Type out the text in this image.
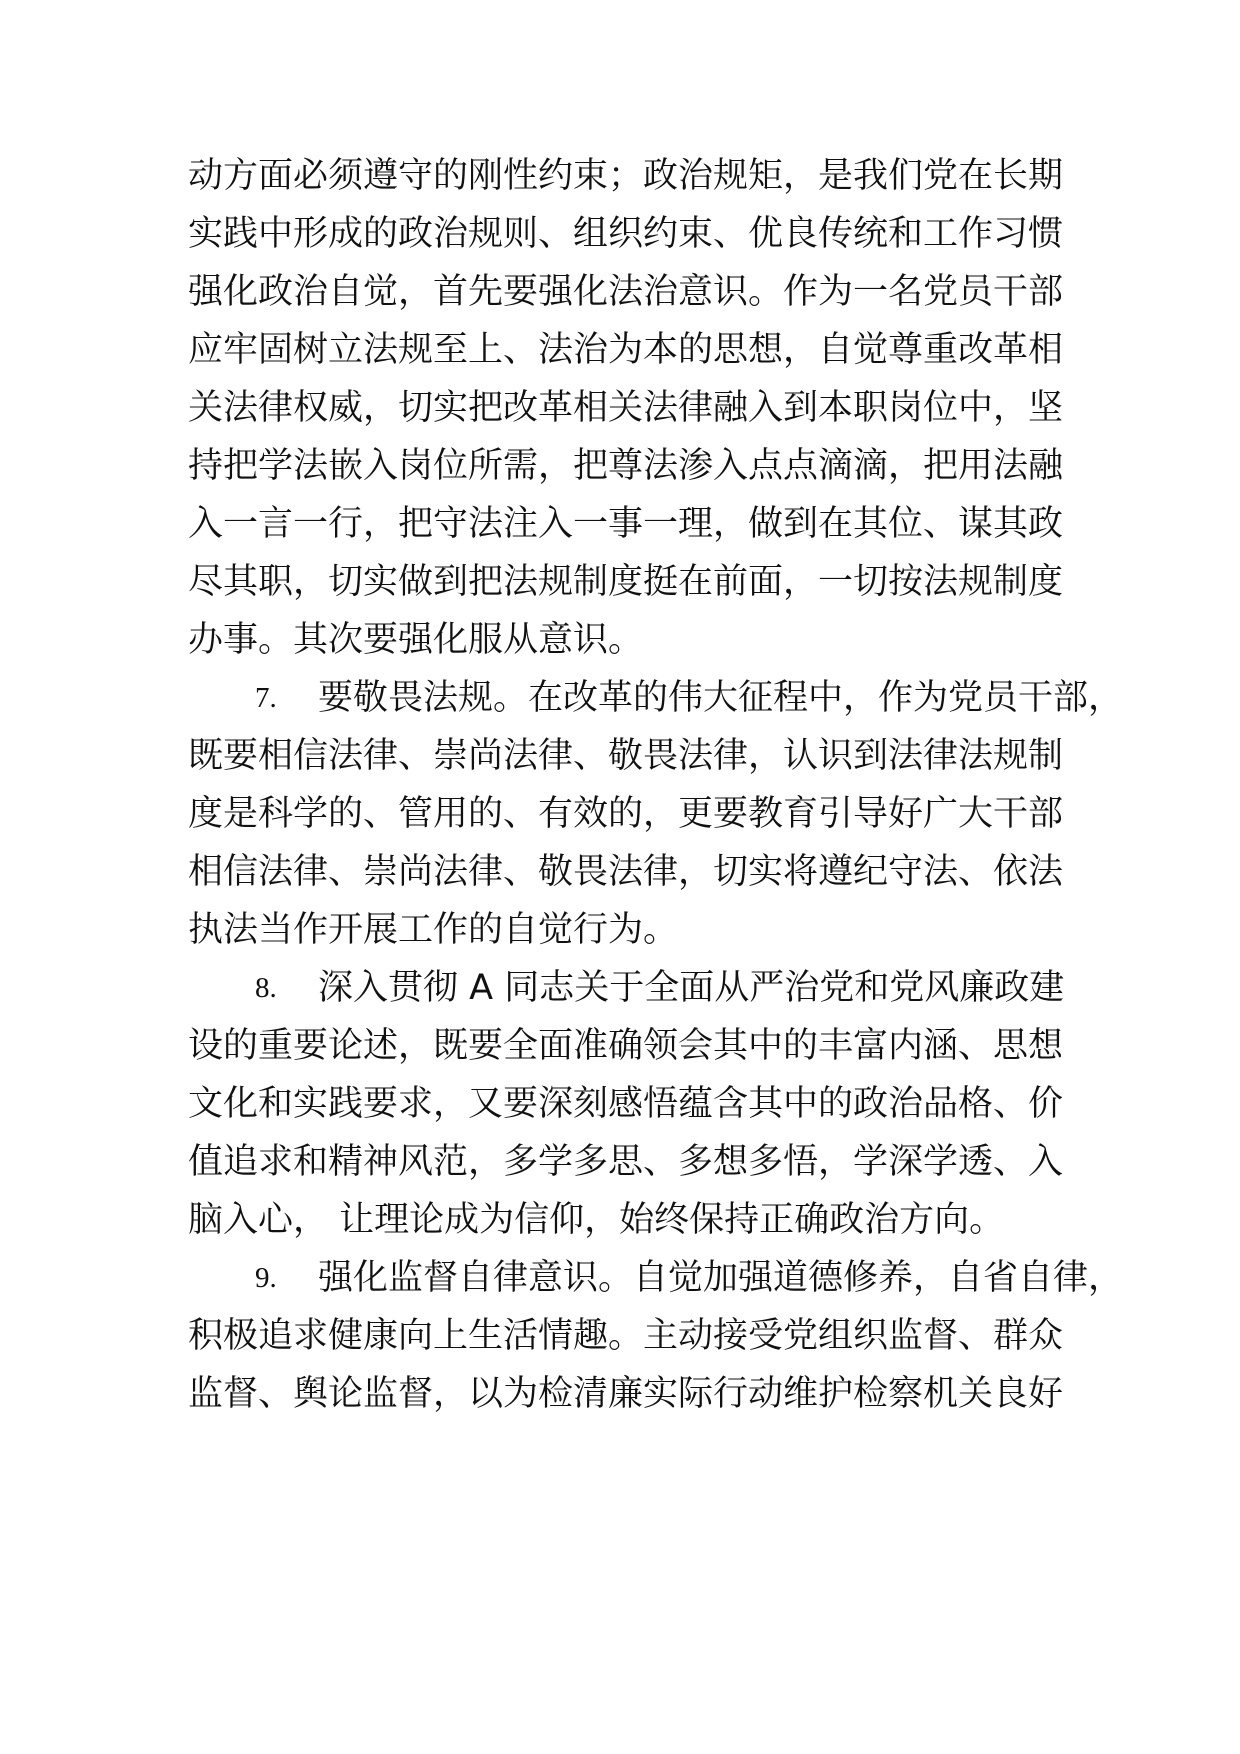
动方面必须遵守的刚性约束；政治规矩，是我们党在长期
实践中形成的政治规则、组织约束、优良传统和工作习惯
强化政治自觉，首先要强化法治意识。作为一名党员干部
应牢固树立法规至上、法治为本的思想，自觉尊重改革相
关法律权威，切实把改革相关法律融入到本职岗位中，坚
持把学法嵌入岗位所需，把尊法渗入点点滴滴，把用法融
入一言一行，把守法注入一事一理，做到在其位、谋其政
尽其职，切实做到把法规制度挺在前面，一切按法规制度
办事。其次要强化服从意识。
7. 要敬畏法规。在改革的伟大征程中，作为党员干部，
既要相信法律、崇尚法律、敬畏法律，认识到法律法规制
度是科学的、管用的、有效的，更要教育引导好广大干部
相信法律、崇尚法律、敬畏法律，切实将遵纪守法、依法
执法当作开展工作的自觉行为。
8. 深入贯彻 A 同志关于全面从严治党和党风廉政建
设的重要论述，既要全面准确领会其中的丰富内涵、思想
文化和实践要求，又要深刻感悟蕴含其中的政治品格、价
值追求和精神风范，多学多思、多想多悟，学深学透、入
脑入心， 让理论成为信仰，始终保持正确政治方向。
9. 强化监督自律意识。自觉加强道德修养，自省自律，
积极追求健康向上生活情趣。主动接受党组织监督、群众
监督、舆论监督，以为检清廉实际行动维护检察机关良好
